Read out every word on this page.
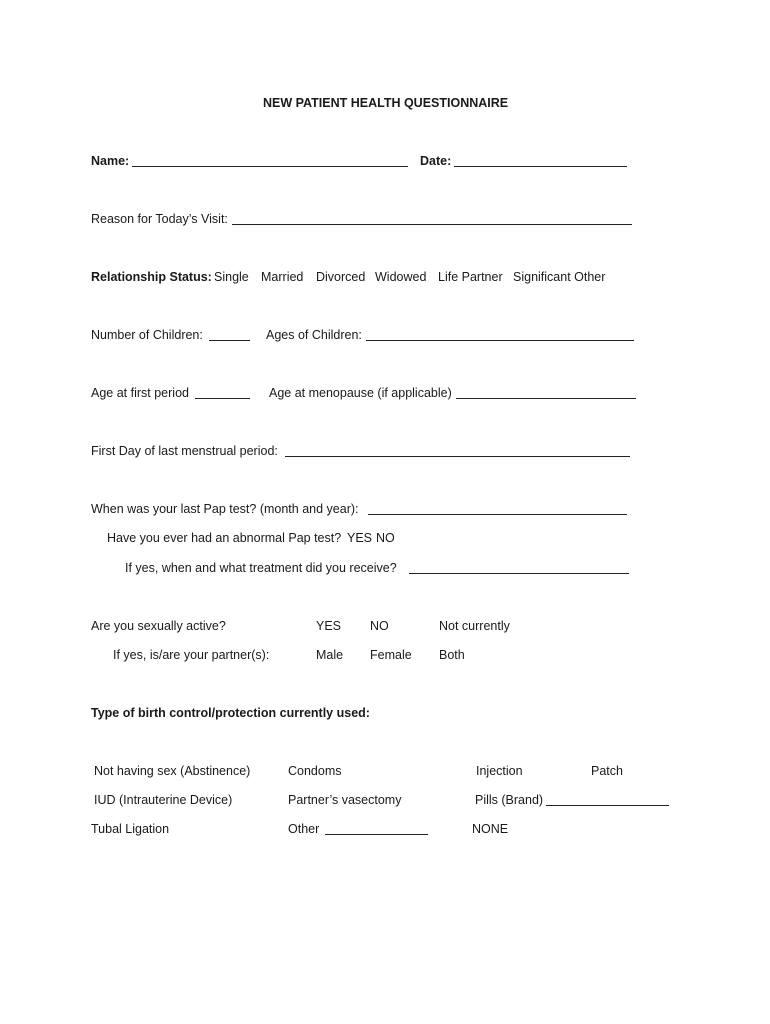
NEW PATIENT HEALTH QUESTIONNAIRE
Name:	Date:
Reason for Today’s Visit:
Relationship Status: Single Married Divorced Widowed Life Partner Significant Other
Number of Children:	Ages of Children:
Age at first period	Age at menopause (if applicable)
First Day of last menstrual period:
When was your last Pap test? (month and year):
Have you ever had an abnormal Pap test? YES NO
If yes, when and what treatment did you receive?
Are you sexually active?	YES NO	Not currently
If yes, is/are your partner(s):	Male Female Both
Type of birth control/protection currently used:
Not having sex (Abstinence)	Condoms	Injection	Patch
IUD (Intrauterine Device)	Partner’s vasectomy	Pills (Brand)
Tubal Ligation	Other	NONE
